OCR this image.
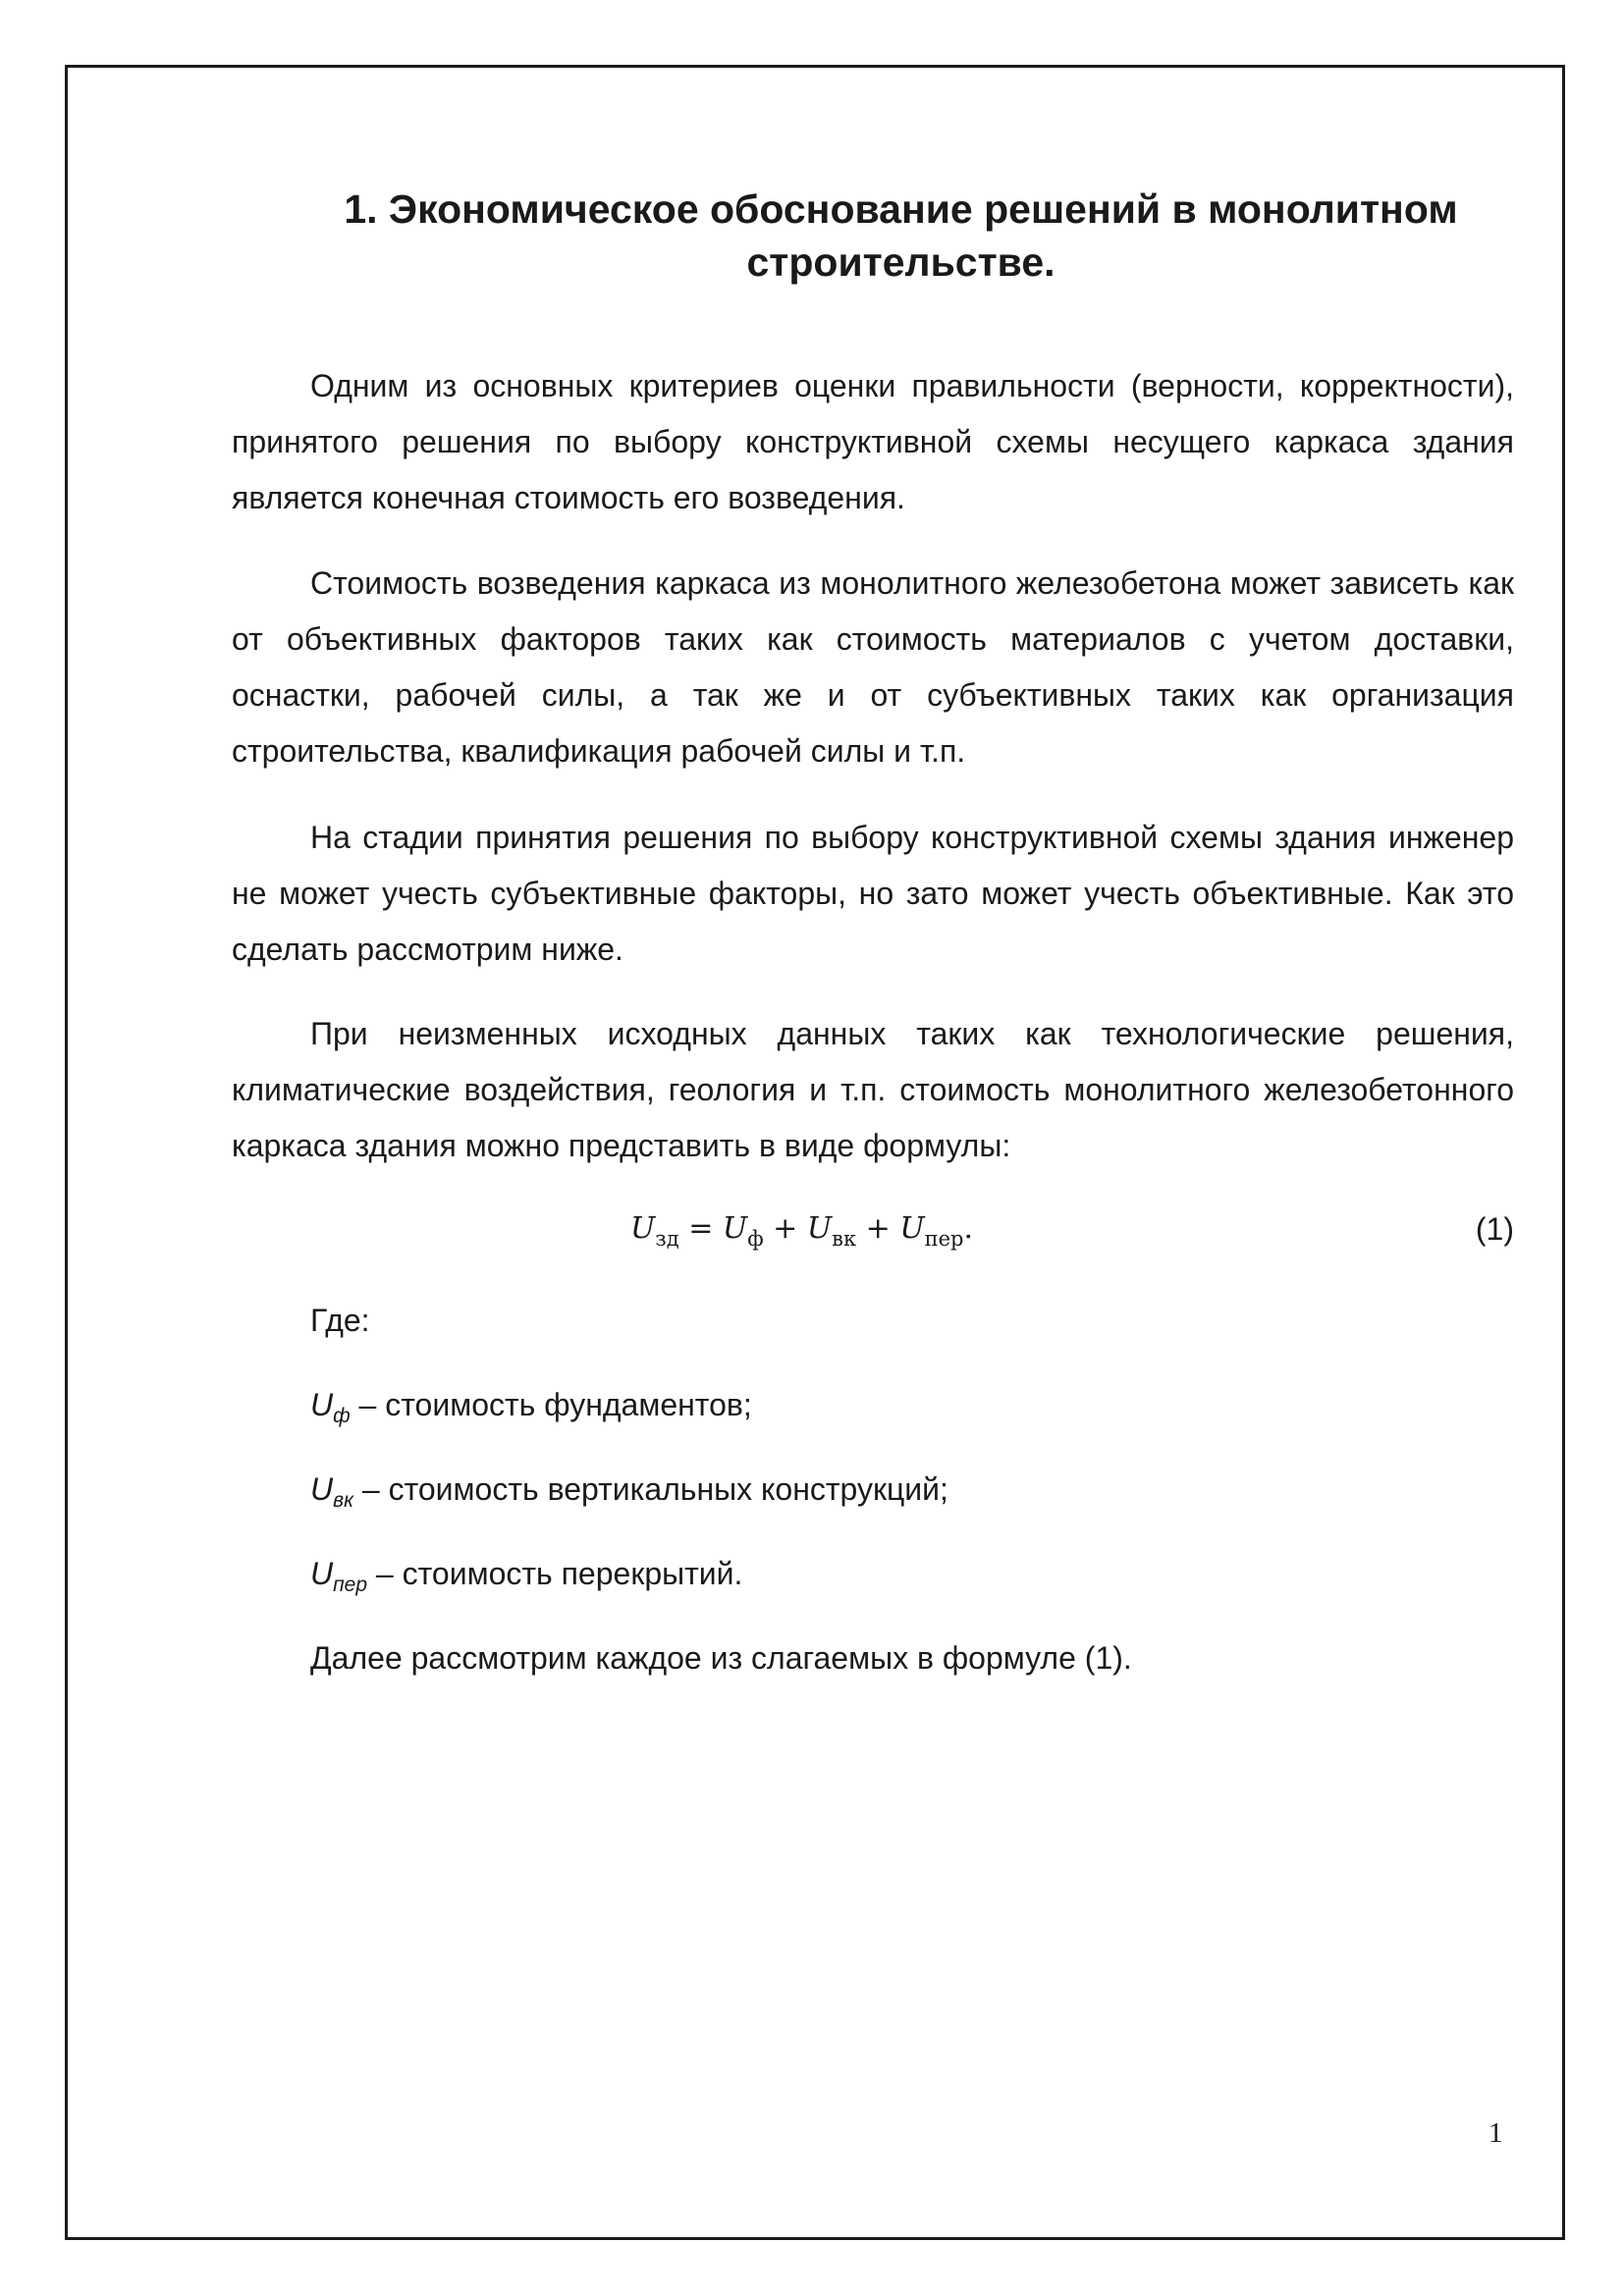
1. Экономическое обоснование решений в монолитном
строительстве.

Одним из основных критериев оценки правильности (верности, корректности), принятого решения по выбору конструктивной схемы несущего каркаса здания является конечная стоимость его возведения.

Стоимость возведения каркаса из монолитного железобетона может зависеть как от объективных факторов таких как стоимость материалов с учетом доставки, оснастки, рабочей силы, а так же и от субъективных таких как организация строительства, квалификация рабочей силы и т.п.

На стадии принятия решения по выбору конструктивной схемы здания инженер не может учесть субъективные факторы, но зато может учесть объективные. Как это сделать рассмотрим ниже.

При неизменных исходных данных таких как технологические решения, климатические воздействия, геология и т.п. стоимость монолитного железобетонного каркаса здания можно представить в виде формулы:

$U_{зд} = U_ф + U_{вк} + U_{пер}$.	(1)
Где:
$U_ф$ – стоимость фундаментов;
$U_{вк}$ – стоимость вертикальных конструкций;
$U_{пер}$ – стоимость перекрытий.
Далее рассмотрим каждое из слагаемых в формуле (1).
1
